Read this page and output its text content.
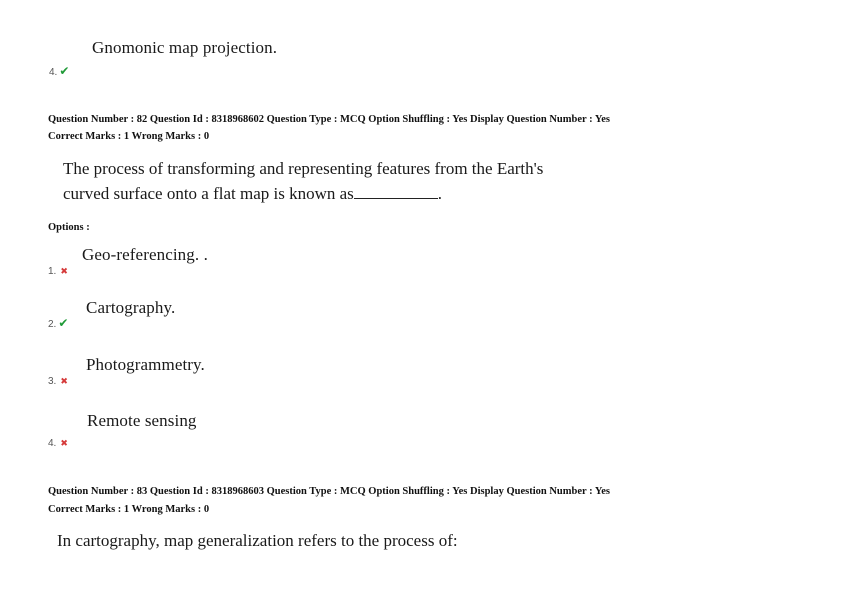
Gnomonic map projection.
4. ✔
Question Number : 82 Question Id : 8318968602 Question Type : MCQ Option Shuffling : Yes Display Question Number : Yes
Correct Marks : 1 Wrong Marks : 0
The process of transforming and representing features from the Earth's
curved surface onto a flat map is known as	.
Options :
Geo-referencing. .
1. ✖
Cartography.
2. ✔
Photogrammetry.
3. ✖
Remote sensing
4. ✖
Question Number : 83 Question Id : 8318968603 Question Type : MCQ Option Shuffling : Yes Display Question Number : Yes
Correct Marks : 1 Wrong Marks : 0
In cartography, map generalization refers to the process of:
